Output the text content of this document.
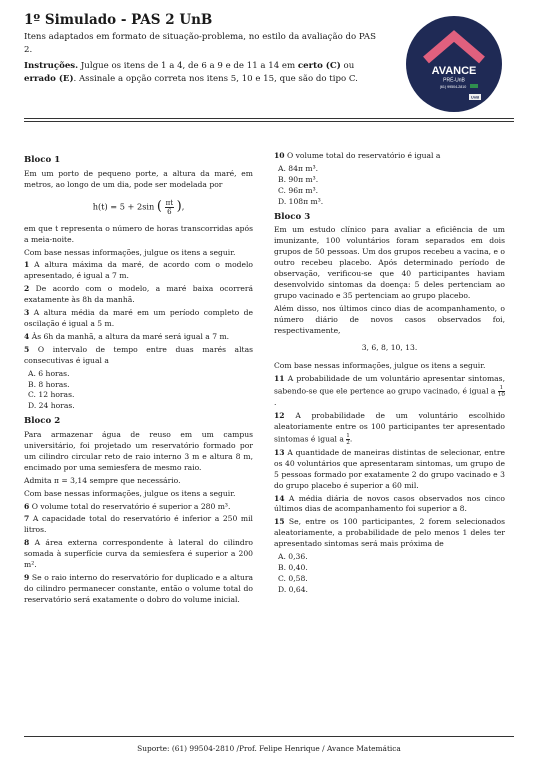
1º Simulado - PAS 2 UnB

Itens adaptados em formato de situação-problema, no estilo da avaliação do PAS 2.

Instruções. Julgue os itens de 1 a 4, de 6 a 9 e de 11 a 14 em certo (C) ou errado (E). Assinale a opção correta nos itens 5, 10 e 15, que são do tipo C.

AVANCE
PRÉ-UnB
(61) 99504-2810
UnB
Bloco 1

Em um porto de pequeno porte, a altura da maré, em metros, ao longo de um dia, pode ser modelada por

h(t) = 5 + 2sin ( $\frac{\pi t}{6}$ ),

em que t representa o número de horas transcorridas após a meia-noite.

Com base nessas informações, julgue os itens a seguir.

1 A altura máxima da maré, de acordo com o modelo apresentado, é igual a 7 m.

2 De acordo com o modelo, a maré baixa ocorrerá exatamente às 8h da manhã.

3 A altura média da maré em um período completo de oscilação é igual a 5 m.

4 Às 6h da manhã, a altura da maré será igual a 7 m.

5 O intervalo de tempo entre duas marés altas consecutivas é igual a

A. 6 horas.
B. 8 horas.
C. 12 horas.
D. 24 horas.
Bloco 2

Para armazenar água de reuso em um campus universitário, foi projetado um reservatório formado por um cilindro circular reto de raio interno 3 m e altura 8 m, encimado por uma semiesfera de mesmo raio.

Admita π = 3,14 sempre que necessário.

Com base nessas informações, julgue os itens a seguir.

6 O volume total do reservatório é superior a 280 m³.

7 A capacidade total do reservatório é inferior a 250 mil litros.

8 A área externa correspondente à lateral do cilindro somada à superfície curva da semiesfera é superior a 200 m².

9 Se o raio interno do reservatório for duplicado e a altura do cilindro permanecer constante, então o volume total do reservatório será exatamente o dobro do volume inicial.

10 O volume total do reservatório é igual a

A. 84π m³.
B. 90π m³.
C. 96π m³.
D. 108π m³.
Bloco 3

Em um estudo clínico para avaliar a eficiência de um imunizante, 100 voluntários foram separados em dois grupos de 50 pessoas. Um dos grupos recebeu a vacina, e o outro recebeu placebo. Após determinado período de observação, verificou-se que 40 participantes haviam desenvolvido sintomas da doença: 5 deles pertenciam ao grupo vacinado e 35 pertenciam ao grupo placebo.

Além disso, nos últimos cinco dias de acompanhamento, o número diário de novos casos observados foi, respectivamente,

3, 6, 8, 10, 13.

Com base nessas informações, julgue os itens a seguir.

11 A probabilidade de um voluntário apresentar sintomas, sabendo-se que ele pertence ao grupo vacinado, é igual a $\frac{1}{10}$
.

12 A probabilidade de um voluntário escolhido aleatoriamente entre os 100 participantes ter apresentado sintomas é igual a $\frac{1}{2}$ .

13 A quantidade de maneiras distintas de selecionar, entre os 40 voluntários que apresentaram sintomas, um grupo de 5 pessoas formado por exatamente 2 do grupo vacinado e 3 do grupo placebo é superior a 60 mil.

14 A média diária de novos casos observados nos cinco últimos dias de acompanhamento foi superior a 8.

15 Se, entre os 100 participantes, 2 forem selecionados aleatoriamente, a probabilidade de pelo menos 1 deles ter apresentado sintomas será mais próxima de

A. 0,36.
B. 0,40.
C. 0,58.
D. 0,64.
Suporte: (61) 99504-2810 /Prof. Felipe Henrique / Avance Matemática
